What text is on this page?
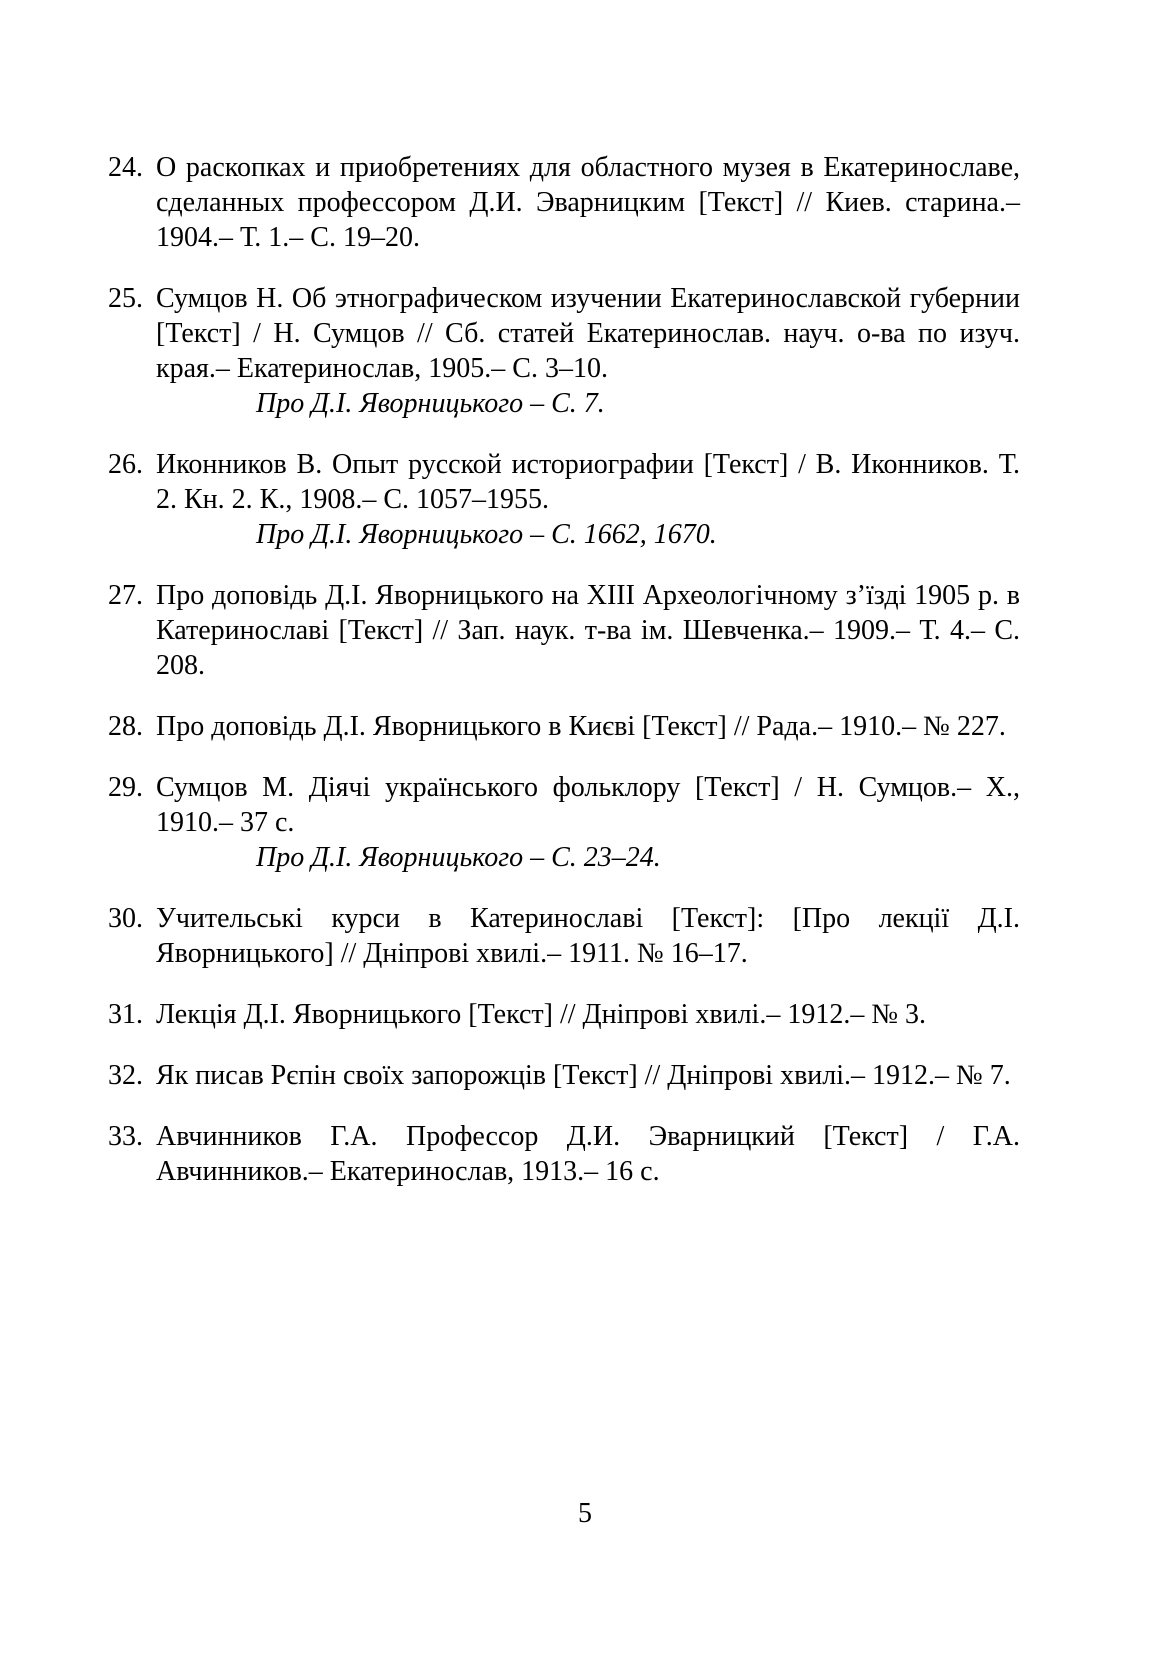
24. О раскопках и приобретениях для областного музея в Екатеринославе, сделанных профессором Д.И. Эварницким [Текст] // Киев. старина.– 1904.– Т. 1.– С. 19–20.

25. Сумцов Н. Об этнографическом изучении Екатеринославской губернии [Текст] / Н. Сумцов // Сб. статей Екатеринослав. науч. о-ва по изуч. края.– Екатеринослав, 1905.– С. 3–10.
Про Д.І. Яворницького – С. 7.

26. Иконников В. Опыт русской историографии [Текст] / В. Иконников. Т. 2. Кн. 2. К., 1908.– С. 1057–1955.
Про Д.І. Яворницького – С. 1662, 1670.

27. Про доповідь Д.І. Яворницького на XIII Археологічному з’їзді 1905 р. в Катеринославі [Текст] // Зап. наук. т-ва ім. Шевченка.– 1909.– Т. 4.– С. 208.

28. Про доповідь Д.І. Яворницького в Києві [Текст] // Рада.– 1910.– № 227.

29. Сумцов М. Діячі українського фольклору [Текст] / Н. Сумцов.– Х., 1910.– 37 с.
Про Д.І. Яворницького – С. 23–24.

30. Учительські курси в Катеринославі [Текст]: [Про лекції Д.І. Яворницького] // Дніпрові хвилі.– 1911. № 16–17.

31. Лекція Д.І. Яворницького [Текст] // Дніпрові хвилі.– 1912.– № 3.

32. Як писав Рєпін своїх запорожців [Текст] // Дніпрові хвилі.– 1912.– № 7.

33. Авчинников Г.А. Профессор Д.И. Эварницкий [Текст] / Г.А. Авчинников.– Екатеринослав, 1913.– 16 с.

5
